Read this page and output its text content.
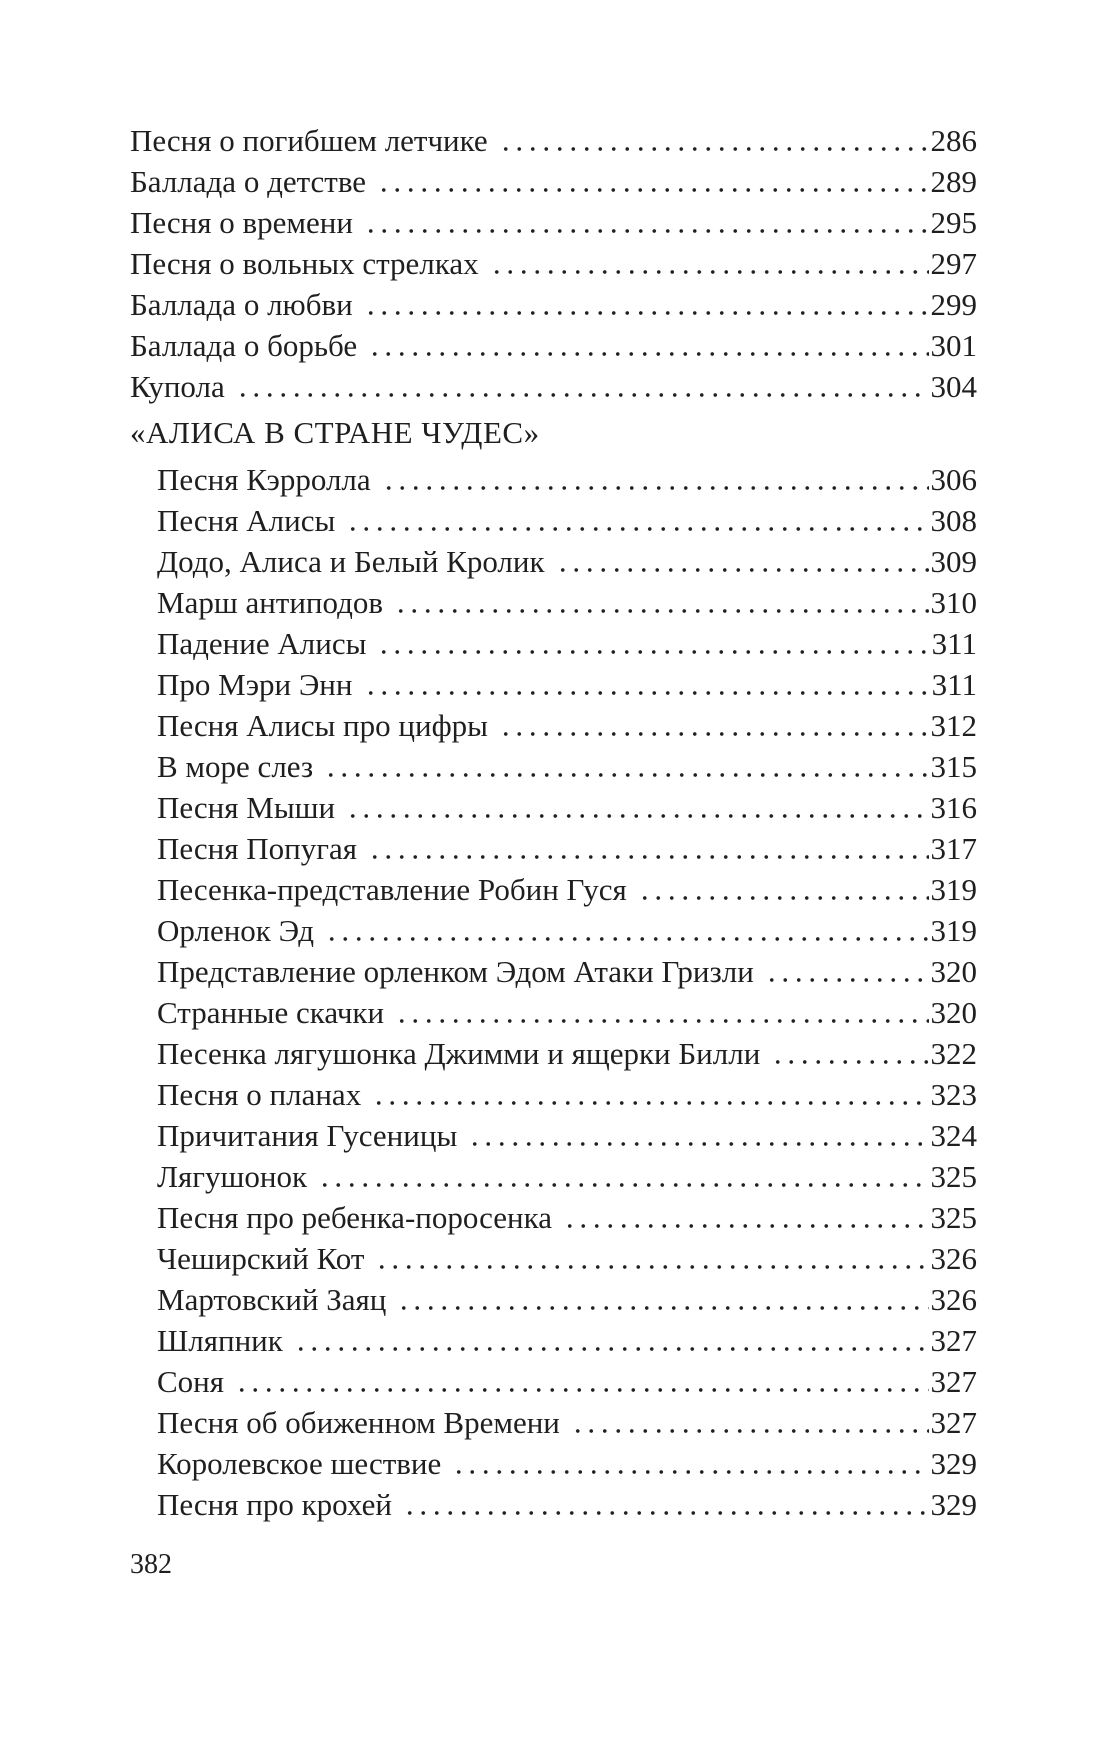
Песня о погибшем летчике	286
Баллада о детстве	289
Песня о времени	295
Песня о вольных стрелках	297
Баллада о любви	299
Баллада о борьбе	301
Купола	304
«АЛИСА В СТРАНЕ ЧУДЕС»
Песня Кэрролла	306
Песня Алисы	308
Додо, Алиса и Белый Кролик	309
Марш антиподов	310
Падение Алисы	311
Про Мэри Энн	311
Песня Алисы про цифры	312
В море слез	315
Песня Мыши	316
Песня Попугая	317
Песенка-представление Робин Гуся	319
Орленок Эд	319
Представление орленком Эдом Атаки Гризли	320
Странные скачки	320
Песенка лягушонка Джимми и ящерки Билли	322
Песня о планах	323
Причитания Гусеницы	324
Лягушонок	325
Песня про ребенка-поросенка	325
Чеширский Кот	326
Мартовский Заяц	326
Шляпник	327
Соня	327
Песня об обиженном Времени	327
Королевское шествие	329
Песня про крохей	329
382
